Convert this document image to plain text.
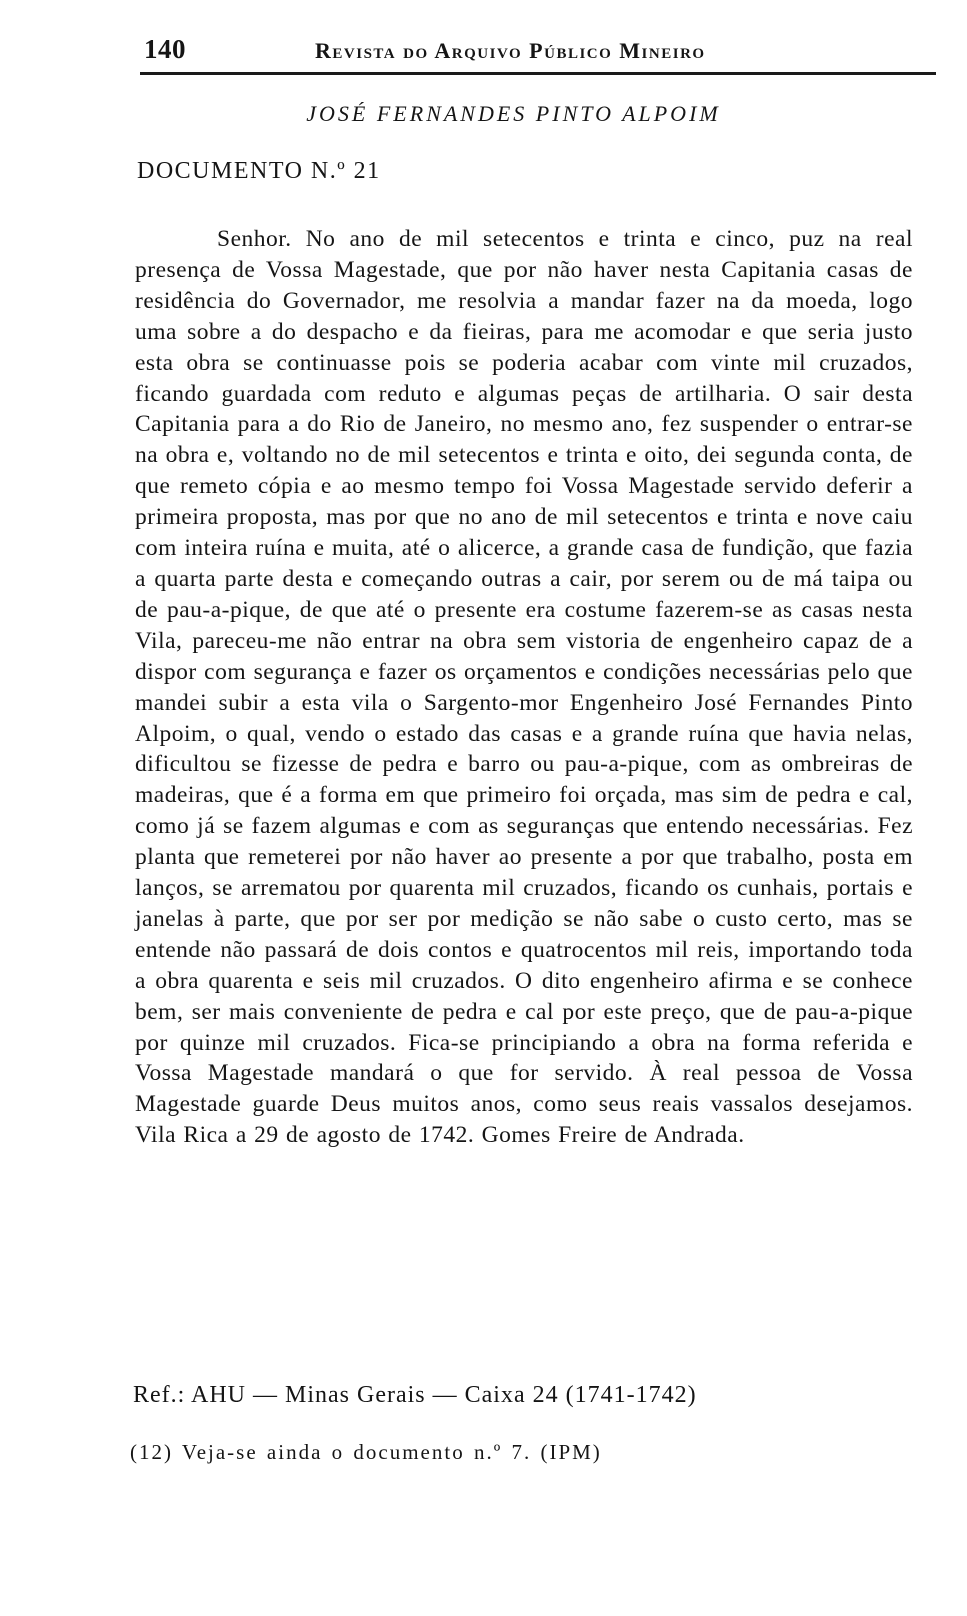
140	Revista do Arquivo Público Mineiro
JOSÉ FERNANDES PINTO ALPOIM
DOCUMENTO N.º 21

Senhor. No ano de mil setecentos e trinta e cinco, puz na real presença de Vossa Magestade, que por não haver nesta Capitania casas de residência do Governador, me resolvia a mandar fazer na da moeda, logo uma sobre a do despacho e da fieiras, para me acomodar e que seria justo esta obra se continuasse pois se poderia acabar com vinte mil cruzados, ficando guardada com reduto e algumas peças de artilharia. O sair desta Capitania para a do Rio de Janeiro, no mesmo ano, fez suspender o entrar-se na obra e, voltando no de mil setecentos e trinta e oito, dei segunda conta, de que remeto cópia e ao mesmo tempo foi Vossa Magestade servido deferir a primeira proposta, mas por que no ano de mil setecentos e trinta e nove caiu com inteira ruína e muita, até o alicerce, a grande casa de fundição, que fazia a quarta parte desta e começando outras a cair, por serem ou de má taipa ou de pau-a-pique, de que até o presente era costume fazerem-se as casas nesta Vila, pareceu-me não entrar na obra sem vistoria de engenheiro capaz de a dispor com segurança e fazer os orçamentos e condições necessárias pelo que mandei subir a esta vila o Sargento-mor Engenheiro José Fernandes Pinto Alpoim, o qual, vendo o estado das casas e a grande ruína que havia nelas, dificultou se fizesse de pedra e barro ou pau-a-pique, com as ombreiras de madeiras, que é a forma em que primeiro foi orçada, mas sim de pedra e cal, como já se fazem algumas e com as seguranças que entendo necessárias. Fez planta que remeterei por não haver ao presente a por que trabalho, posta em lanços, se arrematou por quarenta mil cruzados, ficando os cunhais, portais e janelas à parte, que por ser por medição se não sabe o custo certo, mas se entende não passará de dois contos e quatrocentos mil reis, importando toda a obra quarenta e seis mil cruzados. O dito engenheiro afirma e se conhece bem, ser mais conveniente de pedra e cal por este preço, que de pau-a-pique por quinze mil cruzados. Fica-se principiando a obra na forma referida e Vossa Magestade mandará o que for servido. À real pessoa de Vossa Magestade guarde Deus muitos anos, como seus reais vassalos desejamos. Vila Rica a 29 de agosto de 1742. Gomes Freire de Andrada.

Ref.: AHU — Minas Gerais — Caixa 24 (1741-1742)
(12) Veja-se ainda o documento n.º 7. (IPM)
